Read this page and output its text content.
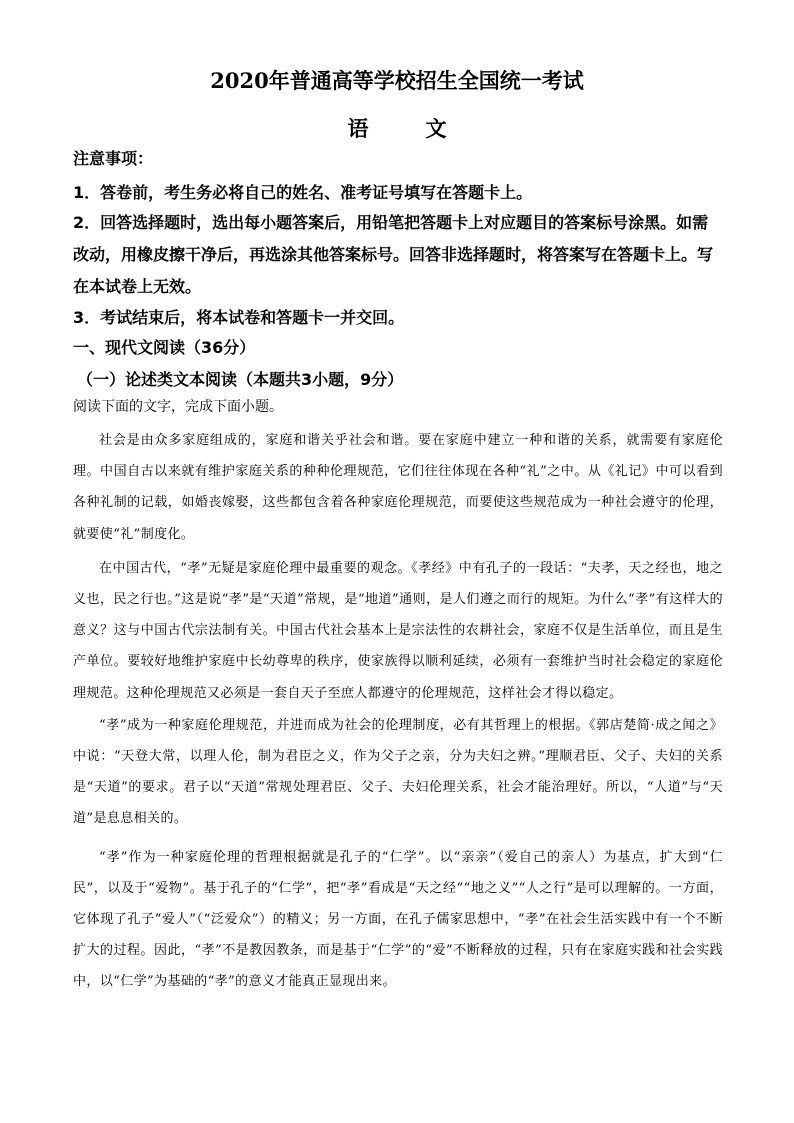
2020年普通高等学校招生全国统一考试
语　文
注意事项：
1．答卷前，考生务必将自己的姓名、准考证号填写在答题卡上。
2．回答选择题时，选出每小题答案后，用铅笔把答题卡上对应题目的答案标号涂黑。如需改动，用橡皮擦干净后，再选涂其他答案标号。回答非选择题时，将答案写在答题卡上。写在本试卷上无效。
3．考试结束后，将本试卷和答题卡一并交回。
一、现代文阅读（36分）
（一）论述类文本阅读（本题共3小题，9分）
阅读下面的文字，完成下面小题。

社会是由众多家庭组成的，家庭和谐关乎社会和谐。要在家庭中建立一种和谐的关系，就需要有家庭伦理。中国自古以来就有维护家庭关系的种种伦理规范，它们往往体现在各种“礼”之中。从《礼记》中可以看到各种礼制的记载，如婚丧嫁娶，这些都包含着各种家庭伦理规范，而要使这些规范成为一种社会遵守的伦理，就要使“礼”制度化。

在中国古代，“孝”无疑是家庭伦理中最重要的观念。《孝经》中有孔子的一段话：“夫孝，天之经也，地之义也，民之行也。”这是说“孝”是“天道”常规，是“地道”通则，是人们遵之而行的规矩。为什么“孝”有这样大的意义？这与中国古代宗法制有关。中国古代社会基本上是宗法性的农耕社会，家庭不仅是生活单位，而且是生产单位。要较好地维护家庭中长幼尊卑的秩序，使家族得以顺利延续，必须有一套维护当时社会稳定的家庭伦理规范。这种伦理规范又必须是一套自天子至庶人都遵守的伦理规范，这样社会才得以稳定。

“孝”成为一种家庭伦理规范，并进而成为社会的伦理制度，必有其哲理上的根据。《郭店楚简·成之闻之》中说：“天登大常，以理人伦，制为君臣之义，作为父子之亲，分为夫妇之辨。”理顺君臣、父子、夫妇的关系是“天道”的要求。君子以“天道”常规处理君臣、父子、夫妇伦理关系，社会才能治理好。所以，“人道”与“天道”是息息相关的。

“孝”作为一种家庭伦理的哲理根据就是孔子的“仁学”。以“亲亲”（爱自己的亲人）为基点，扩大到“仁民”，以及于“爱物”。基于孔子的“仁学”，把“孝”看成是“天之经”“地之义”“人之行”是可以理解的。一方面，它体现了孔子“爱人”（“泛爱众”）的精义；另一方面，在孔子儒家思想中，“孝”在社会生活实践中有一个不断扩大的过程。因此，“孝”不是教因教条，而是基于“仁学”的“爱”不断释放的过程，只有在家庭实践和社会实践中，以“仁学”为基础的“孝”的意义才能真正显现出来。
